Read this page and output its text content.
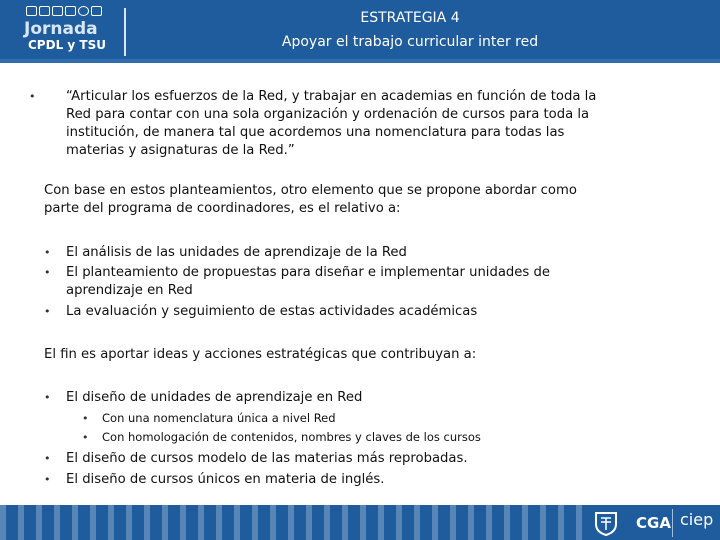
Jornada
CPDL y TSU
ESTRATEGIA 4
Apoyar el trabajo curricular inter red
• “Articular los esfuerzos de la Red, y trabajar en academias en función de toda la
Red para contar con una sola organización y ordenación de cursos para toda la
institución, de manera tal que acordemos una nomenclatura para todas las
materias y asignaturas de la Red.”
Con base en estos planteamientos, otro elemento que se propone abordar como
parte del programa de coordinadores, es el relativo a:
• El análisis de las unidades de aprendizaje de la Red
• El planteamiento de propuestas para diseñar e implementar unidades de
aprendizaje en Red
• La evaluación y seguimiento de estas actividades académicas
El fin es aportar ideas y acciones estratégicas que contribuyan a:
• El diseño de unidades de aprendizaje en Red
• Con una nomenclatura única a nivel Red
• Con homologación de contenidos, nombres y claves de los cursos
• El diseño de cursos modelo de las materias más reprobadas.
• El diseño de cursos únicos en materia de inglés.
CGA ciep
